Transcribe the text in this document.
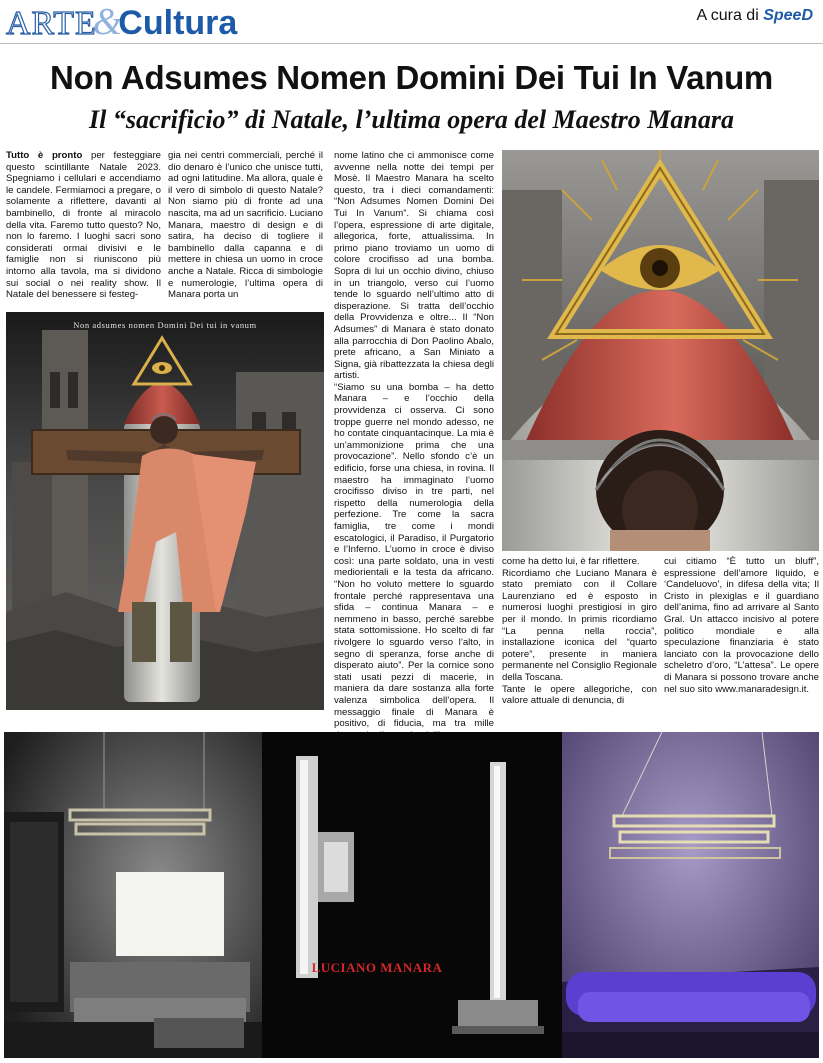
ARTE&Cultura	A cura di SpeeD
Non Adsumes Nomen Domini Dei Tui In Vanum
Il “sacrificio” di Natale, l’ultima opera del Maestro Manara
Tutto è pronto per festeggiare questo scintillante Natale 2023. Spegniamo i cellulari e accendiamo le candele. Fermiamoci a pregare, o solamente a riflettere, davanti al bambinello, di fronte al miracolo della vita. Faremo tutto questo? No, non lo faremo. I luoghi sacri sono considerati ormai divisivi e le famiglie non si riuniscono più intorno alla tavola, ma si dividono sui social o nei reality show. Il Natale del benessere si festeg-
gia nei centri commerciali, perché il dio denaro è l’unico che unisce tutti, ad ogni latitudine. Ma allora, quale è il vero di simbolo di questo Natale? Non siamo più di fronte ad una nascita, ma ad un sacrificio. Luciano Manara, maestro di design e di satira, ha deciso di togliere il bambinello dalla capanna e di mettere in chiesa un uomo in croce anche a Natale. Ricca di simbologie e numerologie, l’ultima opera di Manara porta un
Non adsumes nomen Domini Dei tui in vanum
nome latino che ci ammonisce come avvenne nella notte dei tempi per Mosè. Il Maestro Manara ha scelto questo, tra i dieci comandamenti: “Non Adsumes Nomen Domini Dei Tui In Vanum”. Si chiama così l’opera, espressione di arte digitale, allegorica, forte, attualissima. In primo piano troviamo un uomo di colore crocifisso ad una bomba. Sopra di lui un occhio divino, chiuso in un triangolo, verso cui l’uomo tende lo sguardo nell’ultimo atto di disperazione. Si tratta dell’occhio della Provvidenza e oltre... Il “Non Adsumes” di Manara è stato donato alla parrocchia di Don Paolino Abalo, prete africano, a San Miniato a Signa, già ribattezzata la chiesa degli artisti.
“Siamo su una bomba – ha detto Manara – e l’occhio della provvidenza ci osserva. Ci sono troppe guerre nel mondo adesso, ne ho contate cinquantacinque. La mia è un’ammonizione prima che una provocazione”. Nello sfondo c’è un edificio, forse una chiesa, in rovina. Il maestro ha immaginato l’uomo crocifisso diviso in tre parti, nel rispetto della numerologia della perfezione. Tre come la sacra famiglia, tre come i mondi escatologici, il Paradiso, il Purgatorio e l’Inferno. L’uomo in croce è diviso così: una parte soldato, una in vesti mediorientali e la testa da africano. “Non ho voluto mettere lo sguardo frontale perché rappresentava una sfida – continua Manara – e nemmeno in basso, perché sarebbe stata sottomissione. Ho scelto di far rivolgere lo sguardo verso l’alto, in segno di speranza, forse anche di disperato aiuto”. Per la cornice sono stati usati pezzi di macerie, in maniera da dare sostanza alla forte valenza simbolica dell’opera. Il messaggio finale di Manara è positivo, di fiducia, ma tra mille
come ha detto lui, è far riflettere.
Ricordiamo che Luciano Manara è stato premiato con il Collare Laurenziano ed è esposto in numerosi luoghi prestigiosi in giro per il mondo. In primis ricordiamo “La penna nella roccia”, installazione iconica del “quarto potere”, presente in maniera permanente nel Consiglio Regionale della Toscana.
Tante le opere allegoriche, con valore attuale di denuncia, di
cui citiamo “È tutto un bluff”, espressione dell’amore liquido, e ‘Candeluovo’, in difesa della vita; Il Cristo in plexiglas e il guardiano dell’anima, fino ad arrivare al Santo Gral. Un attacco incisivo al potere politico mondiale e alla speculazione finanziaria è stato lanciato con la provocazione dello scheletro d’oro, “L’attesa”. Le opere di Manara si possono trovare anche nel suo sito www.manaradesign.it.
LUCIANO MANARA
